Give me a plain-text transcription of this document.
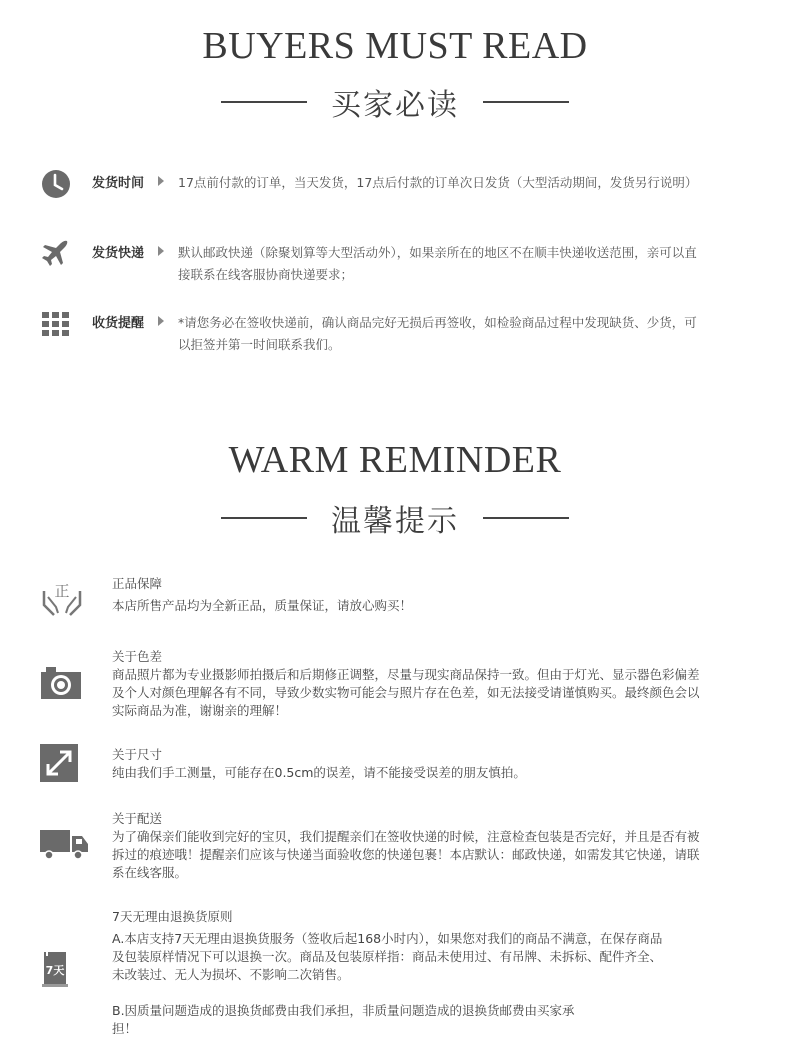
BUYERS MUST READ
买家必读
发货时间	17点前付款的订单，当天发货，17点后付款的订单次日发货（大型活动期间，发货另行说明）
发货快递	默认邮政快递（除聚划算等大型活动外），如果亲所在的地区不在顺丰快递收送范围，亲可以直接联系在线客服协商快递要求；
收货提醒	*请您务必在签收快递前，确认商品完好无损后再签收，如检验商品过程中发现缺货、少货，可以拒签并第一时间联系我们。
WARM REMINDER
温馨提示
正	正品保障
本店所售产品均为全新正品，质量保证，请放心购买！
关于色差
商品照片都为专业摄影师拍摄后和后期修正调整，尽量与现实商品保持一致。但由于灯光、显示器色彩偏差及个人对颜色理解各有不同，导致少数实物可能会与照片存在色差，如无法接受请谨慎购买。最终颜色会以实际商品为准，谢谢亲的理解！
关于尺寸
纯由我们手工测量，可能存在0.5cm的误差，请不能接受误差的朋友慎拍。
关于配送
为了确保亲们能收到完好的宝贝，我们提醒亲们在签收快递的时候，注意检查包装是否完好，并且是否有被拆过的痕迹哦！提醒亲们应该与快递当面验收您的快递包裹！本店默认：邮政快递，如需发其它快递，请联系在线客服。
7天
7天无理由退换货原则
A.本店支持7天无理由退换货服务（签收后起168小时内），如果您对我们的商品不满意，在保存商品及包装原样情况下可以退换一次。商品及包装原样指：商品未使用过、有吊牌、未拆标、配件齐全、未改装过、无人为损坏、不影响二次销售。
B.因质量问题造成的退换货邮费由我们承担，非质量问题造成的退换货邮费由买家承担！
